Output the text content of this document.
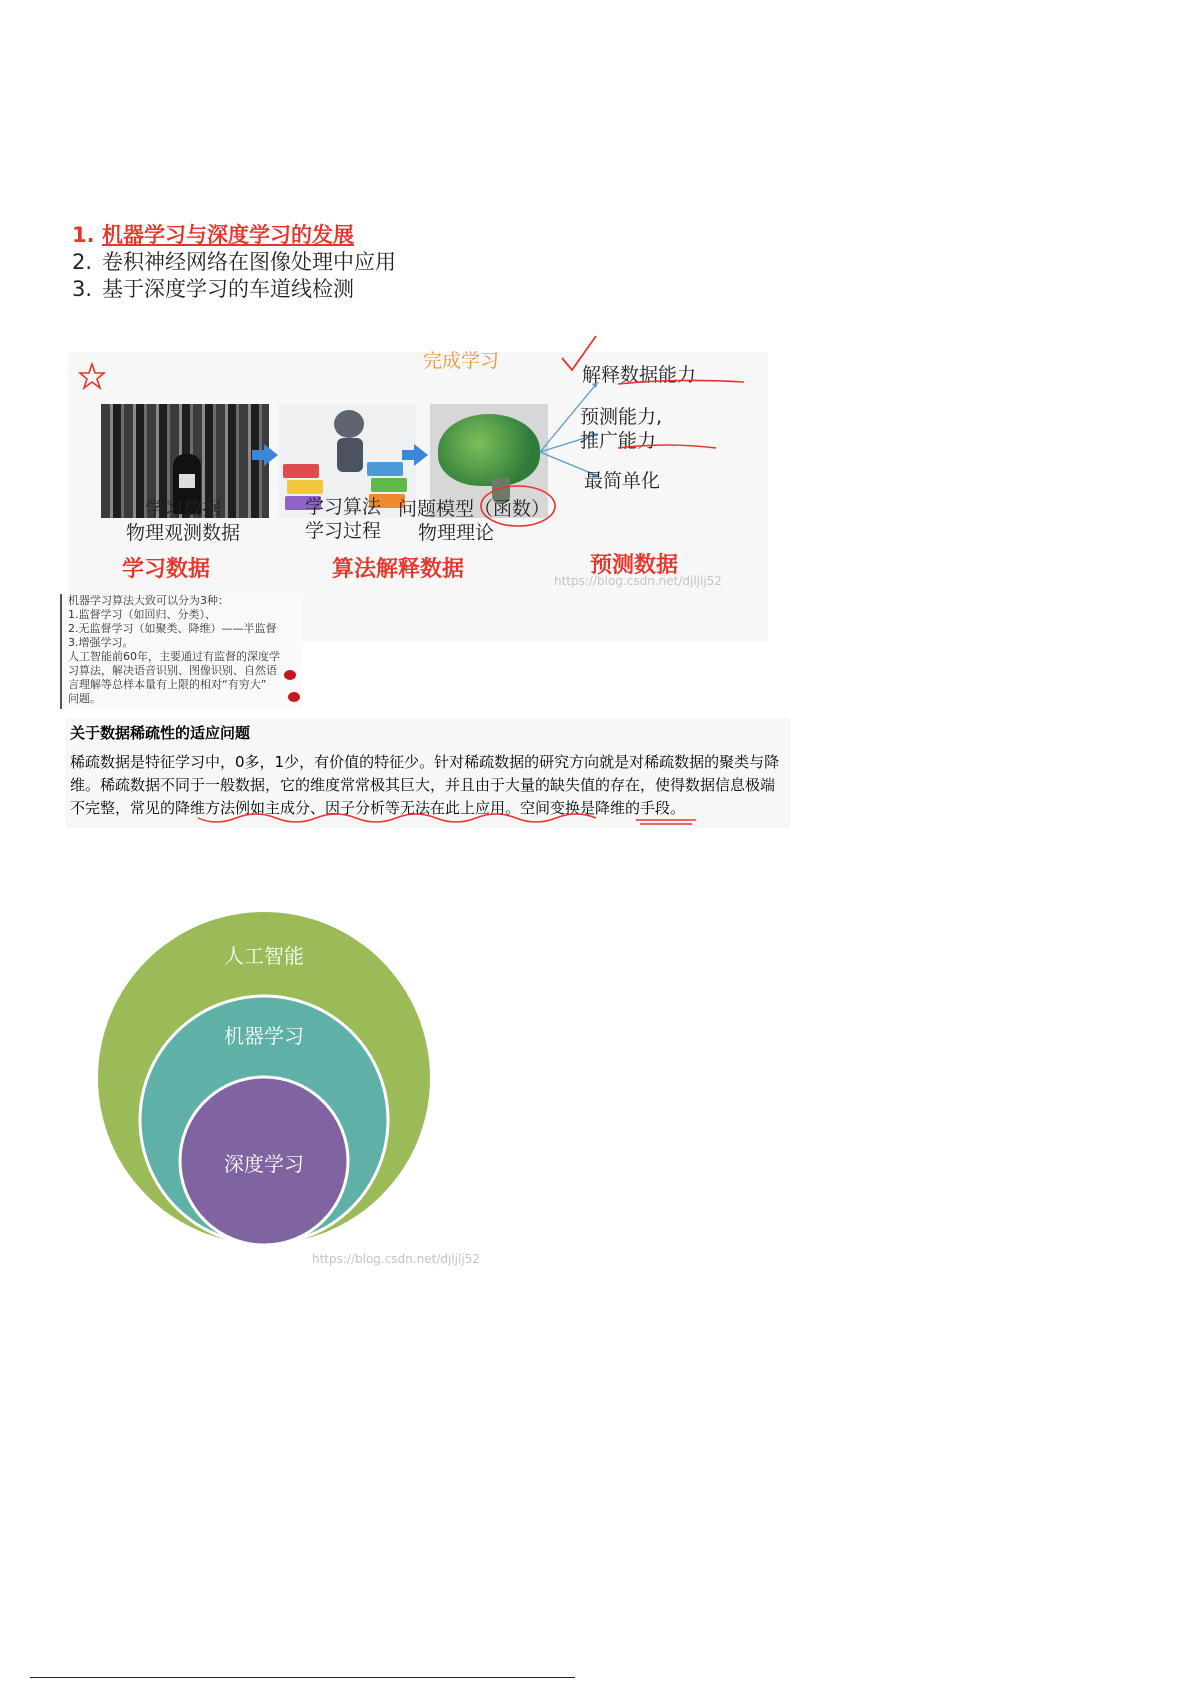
1. 机器学习与深度学习的发展
2. 卷积神经网络在图像处理中应用
3. 基于深度学习的车道线检测
完成学习
解释数据能力
预测能力,
推广能力
最简单化
学习数据
物理观测数据
学习算法
学习过程
问题模型（函数）
物理理论
学习数据	算法解释数据	预测数据
https://blog.csdn.net/djljlj52
机器学习算法大致可以分为3种：
1.监督学习（如回归、分类）、
2.无监督学习（如聚类、降维）——半监督
3.增强学习。
人工智能前60年，主要通过有监督的深度学
习算法，解决语音识别、图像识别、自然语
言理解等总样本量有上限的相对“有穷大”
问题。
关于数据稀疏性的适应问题
稀疏数据是特征学习中，0多，1少，有价值的特征少。针对稀疏数据的研究方向就是对稀疏数据的聚类与降维。稀疏数据不同于一般数据，它的维度常常极其巨大，并且由于大量的缺失值的存在，使得数据信息极端不完整，常见的降维方法例如主成分、因子分析等无法在此上应用。空间变换是降维的手段。
人工智能
机器学习
深度学习
https://blog.csdn.net/djljlj52
